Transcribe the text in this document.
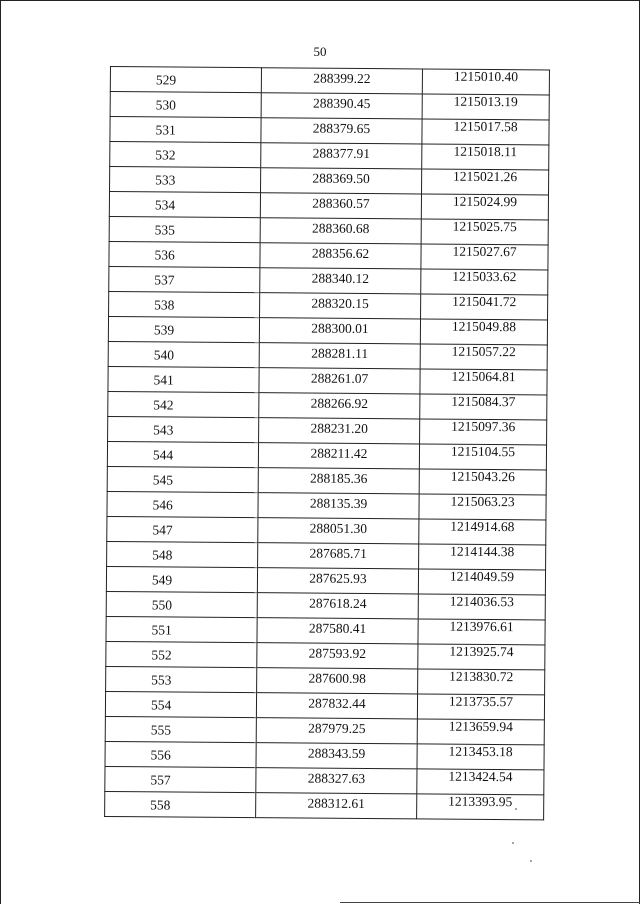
50
529	288399.22	1215010.40
530	288390.45	1215013.19
531	288379.65	1215017.58
532	288377.91	1215018.11
533	288369.50	1215021.26
534	288360.57	1215024.99
535	288360.68	1215025.75
536	288356.62	1215027.67
537	288340.12	1215033.62
538	288320.15	1215041.72
539	288300.01	1215049.88
540	288281.11	1215057.22
541	288261.07	1215064.81
542	288266.92	1215084.37
543	288231.20	1215097.36
544	288211.42	1215104.55
545	288185.36	1215043.26
546	288135.39	1215063.23
547	288051.30	1214914.68
548	287685.71	1214144.38
549	287625.93	1214049.59
550	287618.24	1214036.53
551	287580.41	1213976.61
552	287593.92	1213925.74
553	287600.98	1213830.72
554	287832.44	1213735.57
555	287979.25	1213659.94
556	288343.59	1213453.18
557	288327.63	1213424.54
558	288312.61	1213393.95
